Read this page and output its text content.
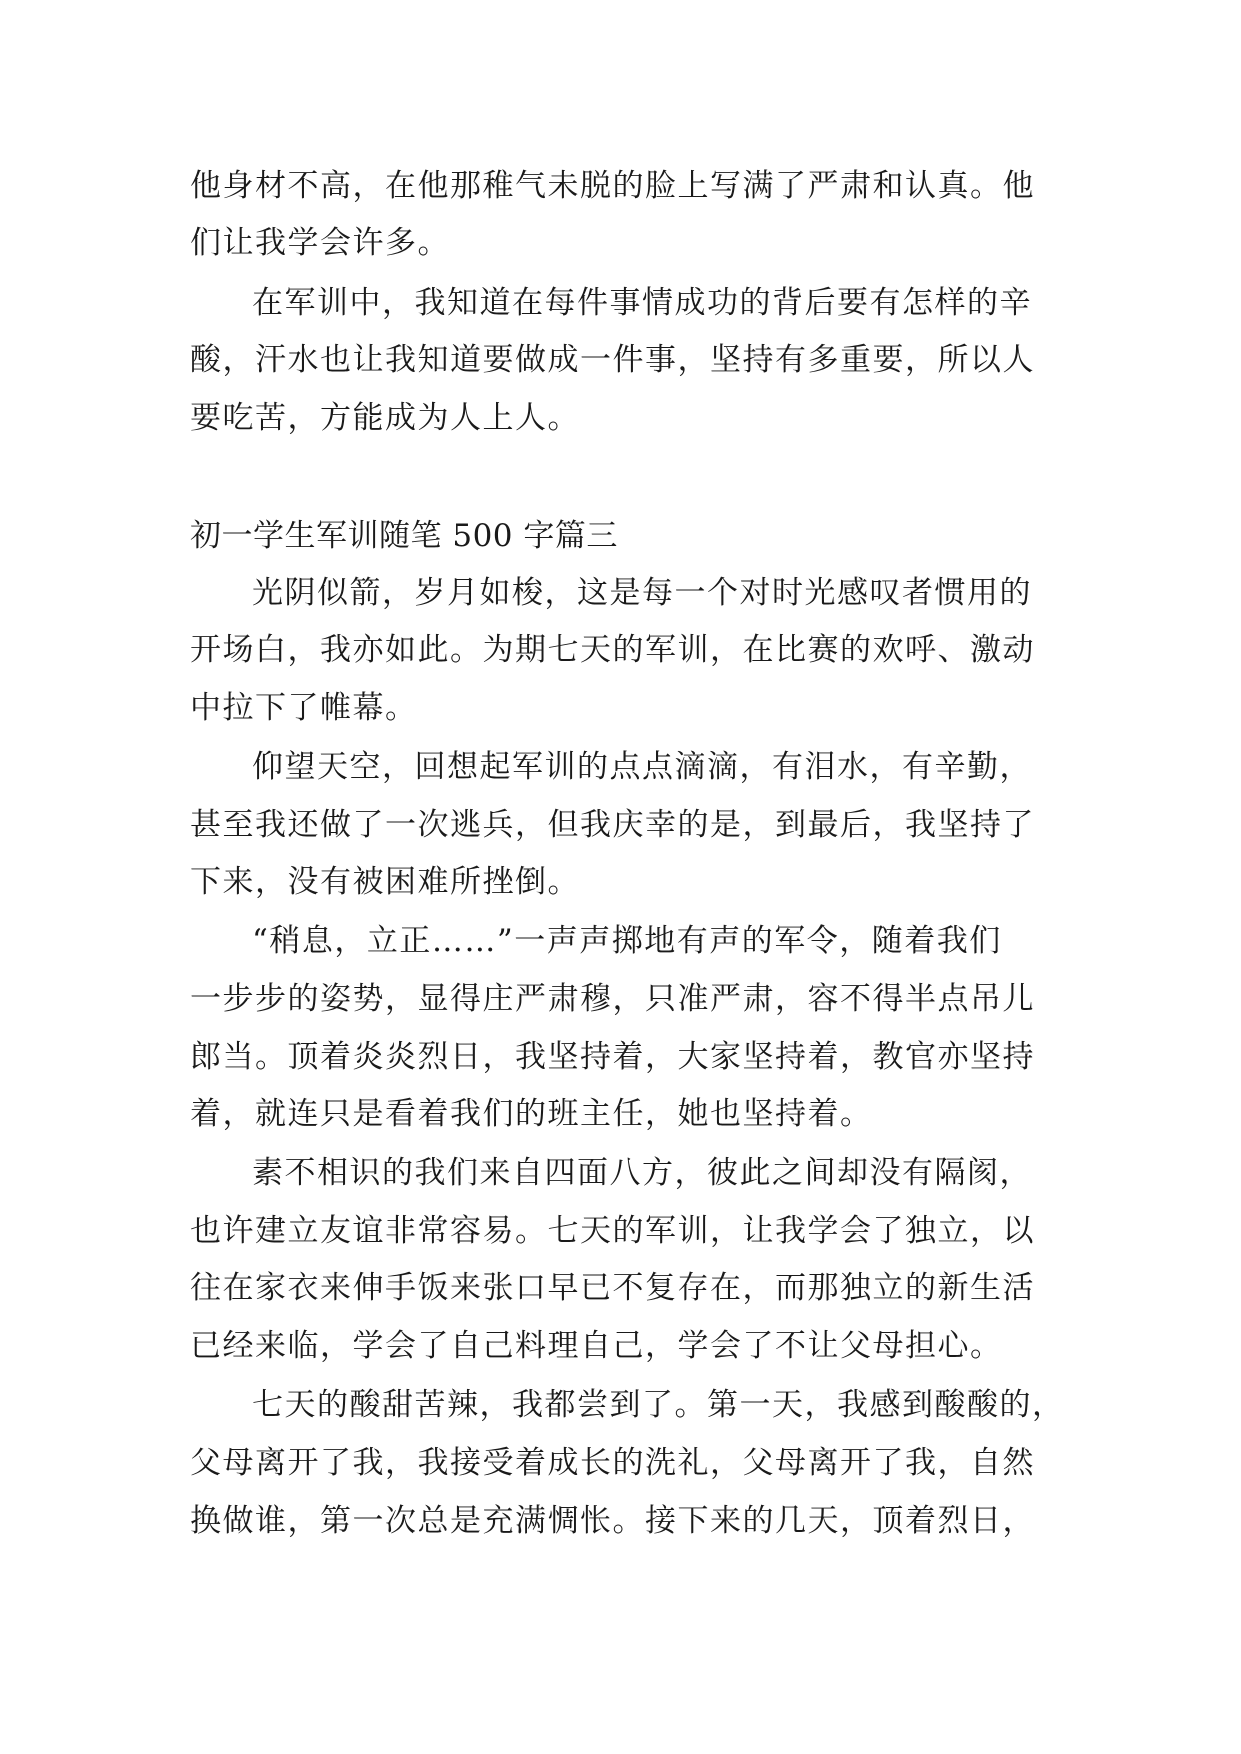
他身材不高，在他那稚气未脱的脸上写满了严肃和认真。他
们让我学会许多。
在军训中，我知道在每件事情成功的背后要有怎样的辛
酸，汗水也让我知道要做成一件事，坚持有多重要，所以人
要吃苦，方能成为人上人。
初一学生军训随笔 500 字篇三
光阴似箭，岁月如梭，这是每一个对时光感叹者惯用的
开场白，我亦如此。为期七天的军训，在比赛的欢呼、激动
中拉下了帷幕。
仰望天空，回想起军训的点点滴滴，有泪水，有辛勤，
甚至我还做了一次逃兵，但我庆幸的是，到最后，我坚持了
下来，没有被困难所挫倒。
“稍息，立正……”一声声掷地有声的军令，随着我们
一步步的姿势，显得庄严肃穆，只准严肃，容不得半点吊儿
郎当。顶着炎炎烈日，我坚持着，大家坚持着，教官亦坚持
着，就连只是看着我们的班主任，她也坚持着。
素不相识的我们来自四面八方，彼此之间却没有隔阂，
也许建立友谊非常容易。七天的军训，让我学会了独立，以
往在家衣来伸手饭来张口早已不复存在，而那独立的新生活
已经来临，学会了自己料理自己，学会了不让父母担心。
七天的酸甜苦辣，我都尝到了。第一天，我感到酸酸的，
父母离开了我，我接受着成长的洗礼，父母离开了我，自然
换做谁，第一次总是充满惆怅。接下来的几天，顶着烈日，
